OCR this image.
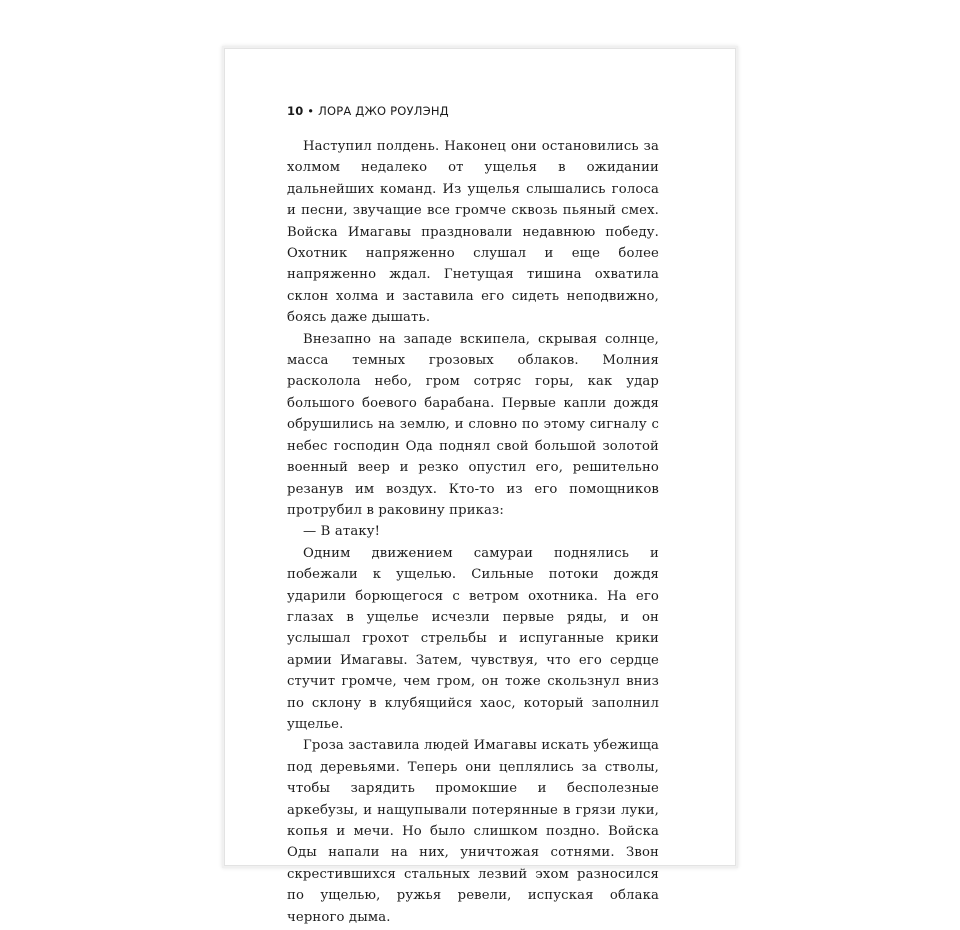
10 • ЛОРА ДЖО РОУЛЭНД

Наступил полдень. Наконец они остановились за холмом недалеко от ущелья в ожидании дальнейших команд. Из ущелья слышались голоса и песни, звучащие все громче сквозь пьяный смех. Войска Имагавы праздновали недавнюю победу. Охотник напряженно слушал и еще более напряженно ждал. Гнетущая тишина охватила склон холма и заставила его сидеть неподвижно, боясь даже дышать.

Внезапно на западе вскипела, скрывая солнце, масса темных грозовых облаков. Молния расколола небо, гром сотряс горы, как удар большого боевого барабана. Первые капли дождя обрушились на землю, и словно по этому сигналу с небес господин Ода поднял свой большой золотой военный веер и резко опустил его, решительно резанув им воздух. Кто-то из его помощников протрубил в раковину приказ:

— В атаку!

Одним движением самураи поднялись и побежали к ущелью. Сильные потоки дождя ударили борющегося с ветром охотника. На его глазах в ущелье исчезли первые ряды, и он услышал грохот стрельбы и испуганные крики армии Имагавы. Затем, чувствуя, что его сердце стучит громче, чем гром, он тоже скользнул вниз по склону в клубящийся хаос, который заполнил ущелье.

Гроза заставила людей Имагавы искать убежища под деревьями. Теперь они цеплялись за стволы, чтобы зарядить промокшие и бесполезные аркебузы, и нащупывали потерянные в грязи луки, копья и мечи. Но было слишком поздно. Войска Оды напали на них, уничтожая сотнями. Звон скрестившихся стальных лезвий эхом разносился по ущелью, ружья ревели, испуская облака черного дыма.
